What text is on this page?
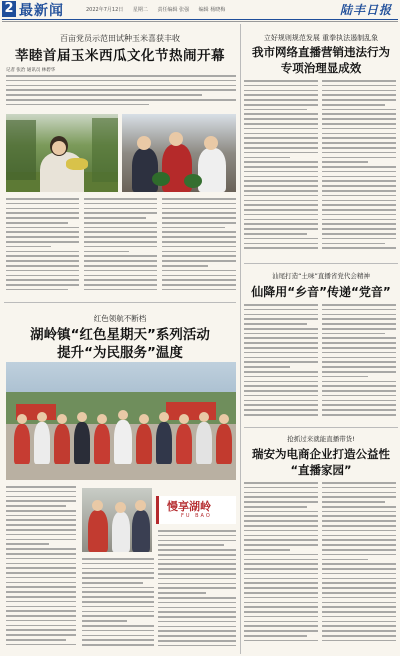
2 最新闻	2022年7月12日 星期二 责任编辑 张强 编辑 杨晓梅	陆丰日报
百亩党员示范田试种玉米喜获丰收
莘睦首届玉米西瓜文化节热闹开幕
记者 张治 通讯员 林碧华
红色领航不断档
湖岭镇“红色星期天”系列活动
提升“为民服务”温度
慢享湖岭
FU BAO
立好规则规范发展 重拳执法遏制乱象
我市网络直播营销违法行为
专项治理显成效
汕尾打造“土味”直播省党代会精神
仙降用“乡音”传递“党音”
抢抓过来就能直播带货!
瑞安为电商企业打造公益性
“直播家园”
